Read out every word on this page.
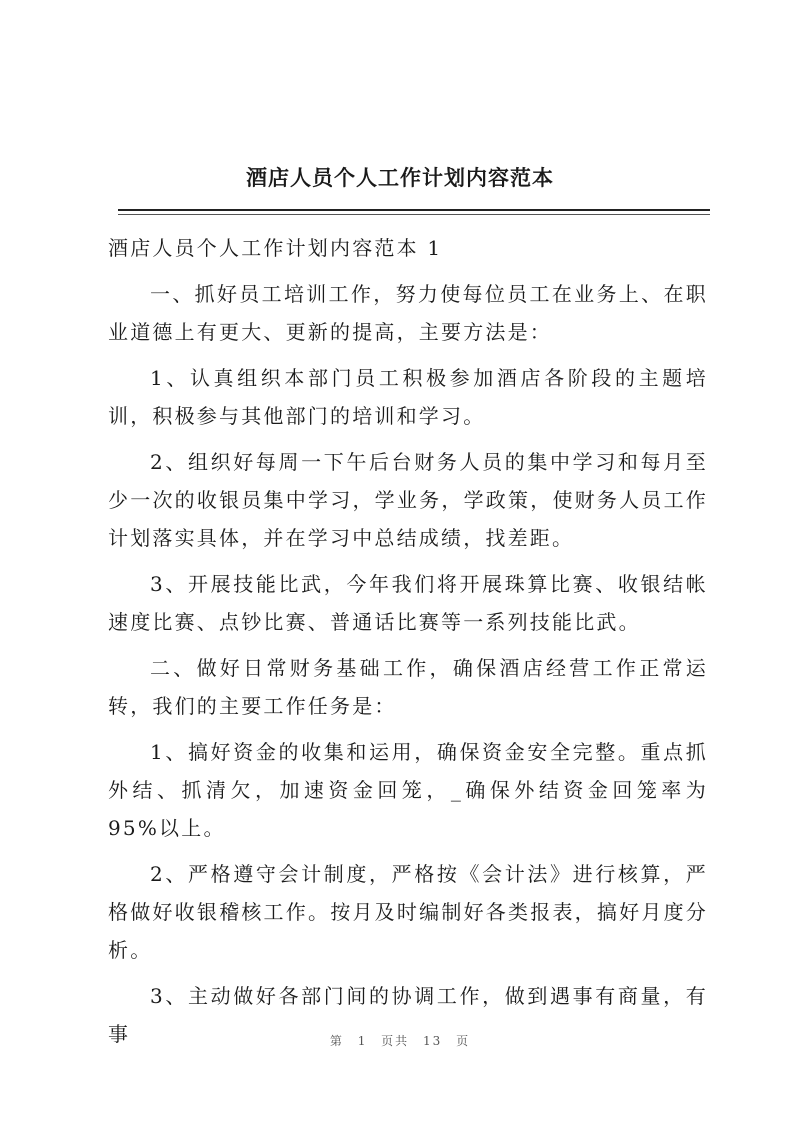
酒店人员个人工作计划内容范本

酒店人员个人工作计划内容范本 1

一、抓好员工培训工作，努力使每位员工在业务上、在职业道德上有更大、更新的提高，主要方法是：

1、认真组织本部门员工积极参加酒店各阶段的主题培训，积极参与其他部门的培训和学习。

2、组织好每周一下午后台财务人员的集中学习和每月至少一次的收银员集中学习，学业务，学政策，使财务人员工作计划落实具体，并在学习中总结成绩，找差距。

3、开展技能比武，今年我们将开展珠算比赛、收银结帐速度比赛、点钞比赛、普通话比赛等一系列技能比武。

二、做好日常财务基础工作，确保酒店经营工作正常运转，我们的主要工作任务是：

1、搞好资金的收集和运用，确保资金安全完整。重点抓外结、抓清欠，加速资金回笼，_确保外结资金回笼率为 95%以上。

2、严格遵守会计制度，严格按《会计法》进行核算，严格做好收银稽核工作。按月及时编制好各类报表，搞好月度分析。

3、主动做好各部门间的协调工作，做到遇事有商量，有事	第 1 页共 13 页
